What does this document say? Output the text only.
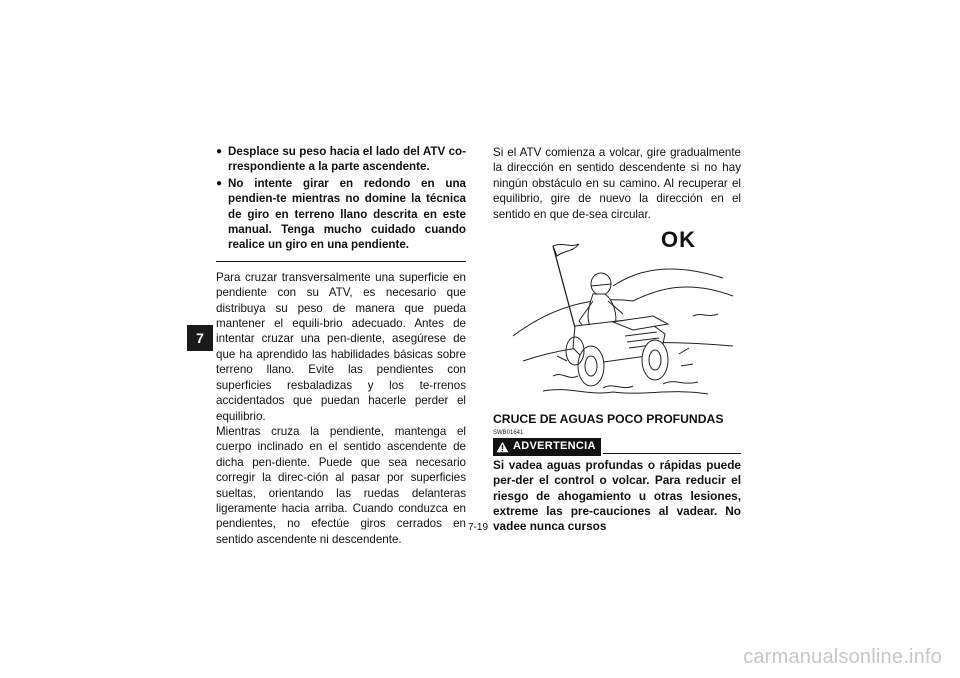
7
● Desplace su peso hacia el lado del ATV co-rrespondiente a la parte ascendente.
● No intente girar en redondo en una pendien-te mientras no domine la técnica de giro en terreno llano descrita en este manual. Tenga mucho cuidado cuando realice un giro en una pendiente.

Para cruzar transversalmente una superficie en pendiente con su ATV, es necesario que distribuya su peso de manera que pueda mantener el equili-brio adecuado. Antes de intentar cruzar una pen-diente, asegúrese de que ha aprendido las habilidades básicas sobre terreno llano. Evite las pendientes con superficies resbaladizas y los te-rrenos accidentados que puedan hacerle perder el equilibrio.

Mientras cruza la pendiente, mantenga el cuerpo inclinado en el sentido ascendente de dicha pen-diente. Puede que sea necesario corregir la direc-ción al pasar por superficies sueltas, orientando las ruedas delanteras ligeramente hacia arriba. Cuando conduzca en pendientes, no efectúe giros cerrados en sentido ascendente ni descendente.

Si el ATV comienza a volcar, gire gradualmente la dirección en sentido descendente si no hay ningún obstáculo en su camino. Al recuperar el equilibrio, gire de nuevo la dirección en el sentido en que de-sea circular.

OK
CRUCE DE AGUAS POCO PROFUNDAS
SWB01641
ADVERTENCIA
Si vadea aguas profundas o rápidas puede per-der el control o volcar. Para reducir el riesgo de ahogamiento u otras lesiones, extreme las pre-cauciones al vadear. No vadee nunca cursos
7-19
carmanualsonline.info
